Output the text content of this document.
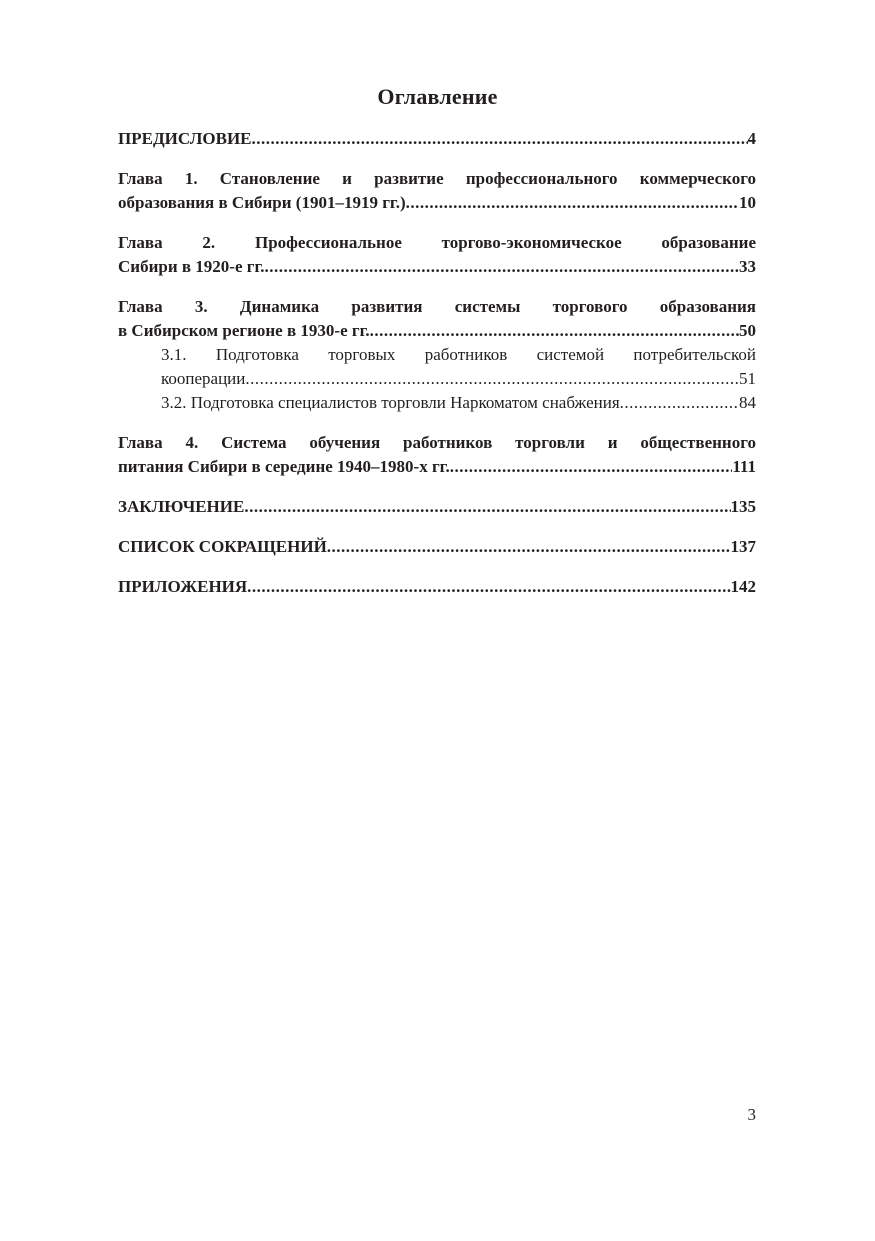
Оглавление
ПРЕДИСЛОВИЕ .....	4
Глава 1. Становление и развитие профессионального коммерческого
образования в Сибири (1901–1919 гг.) .....	10
Глава 2. Профессиональное торгово-экономическое образование
Сибири в 1920-е гг. .....	33
Глава 3. Динамика развития системы торгового образования
в Сибирском регионе в 1930-е гг. .....	50
3.1. Подготовка торговых работников системой потребительской
кооперации .....	51
3.2. Подготовка специалистов торговли Наркоматом снабжения .....	84
Глава 4. Система обучения работников торговли и общественного
питания Сибири в середине 1940–1980-х гг. .....	111
ЗАКЛЮЧЕНИЕ .....	135
СПИСОК СОКРАЩЕНИЙ .....	137
ПРИЛОЖЕНИЯ .....	142
3
